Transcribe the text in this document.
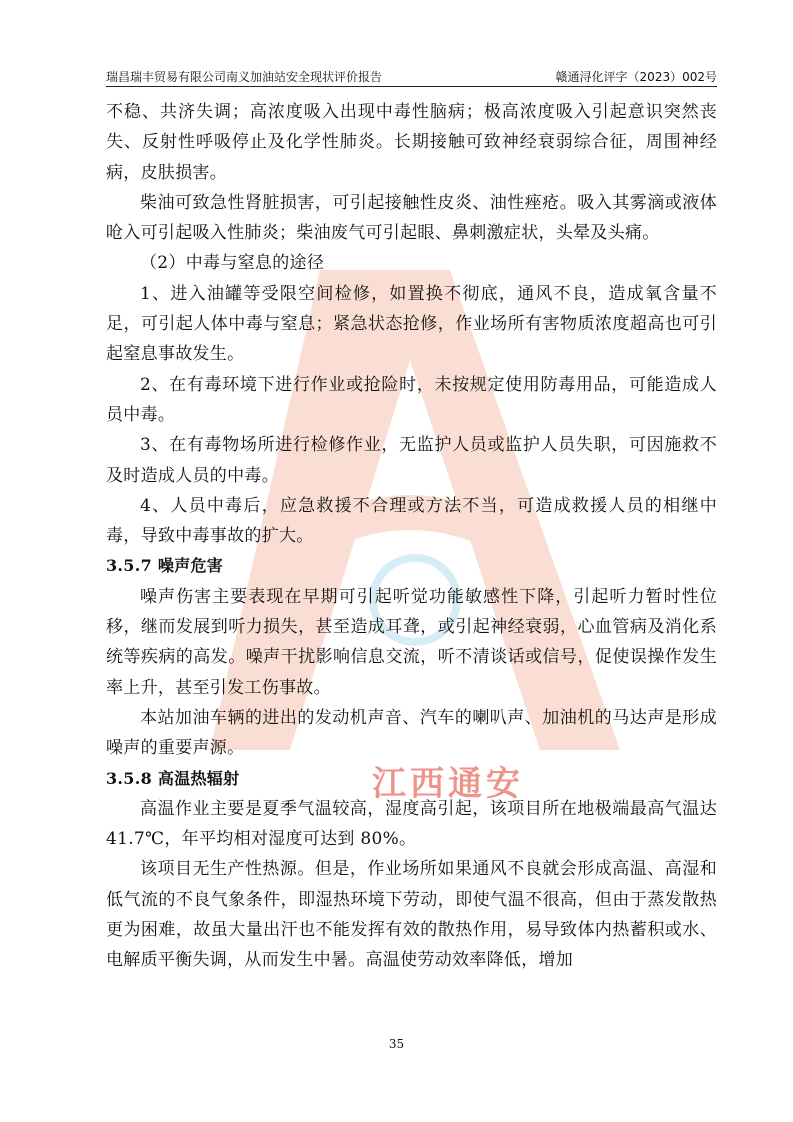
瑞昌瑞丰贸易有限公司南义加油站安全现状评价报告	赣通浔化评字（2023）002号

不稳、共济失调；高浓度吸入出现中毒性脑病；极高浓度吸入引起意识突然丧失、反射性呼吸停止及化学性肺炎。长期接触可致神经衰弱综合征，周围神经病，皮肤损害。

柴油可致急性肾脏损害，可引起接触性皮炎、油性痤疮。吸入其雾滴或液体呛入可引起吸入性肺炎；柴油废气可引起眼、鼻刺激症状，头晕及头痛。

（2）中毒与窒息的途径

1、进入油罐等受限空间检修，如置换不彻底，通风不良，造成氧含量不足，可引起人体中毒与窒息；紧急状态抢修，作业场所有害物质浓度超高也可引起窒息事故发生。

2、在有毒环境下进行作业或抢险时，未按规定使用防毒用品，可能造成人员中毒。

3、在有毒物场所进行检修作业，无监护人员或监护人员失职，可因施救不及时造成人员的中毒。

4、人员中毒后，应急救援不合理或方法不当，可造成救援人员的相继中毒，导致中毒事故的扩大。

3.5.7 噪声危害

噪声伤害主要表现在早期可引起听觉功能敏感性下降，引起听力暂时性位移，继而发展到听力损失，甚至造成耳聋，或引起神经衰弱，心血管病及消化系统等疾病的高发。噪声干扰影响信息交流，听不清谈话或信号，促使误操作发生率上升，甚至引发工伤事故。

本站加油车辆的进出的发动机声音、汽车的喇叭声、加油机的马达声是形成噪声的重要声源。

3.5.8 高温热辐射

高温作业主要是夏季气温较高，湿度高引起，该项目所在地极端最高气温达 41.7℃，年平均相对湿度可达到 80%。

该项目无生产性热源。但是，作业场所如果通风不良就会形成高温、高湿和低气流的不良气象条件，即湿热环境下劳动，即使气温不很高，但由于蒸发散热更为困难，故虽大量出汗也不能发挥有效的散热作用，易导致体内热蓄积或水、电解质平衡失调，从而发生中暑。高温使劳动效率降低，增加

江西通安
35
